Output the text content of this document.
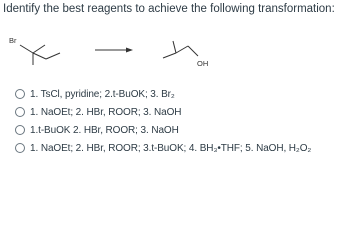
Identify the best reagents to achieve the following transformation:
Br
OH
1. TsCl, pyridine; 2.t-BuOK; 3. Br₂
1. NaOEt; 2. HBr, ROOR; 3. NaOH
1.t-BuOK 2. HBr, ROOR; 3. NaOH
1. NaOEt; 2. HBr, ROOR; 3.t-BuOK; 4. BH₃•THF; 5. NaOH, H₂O₂
